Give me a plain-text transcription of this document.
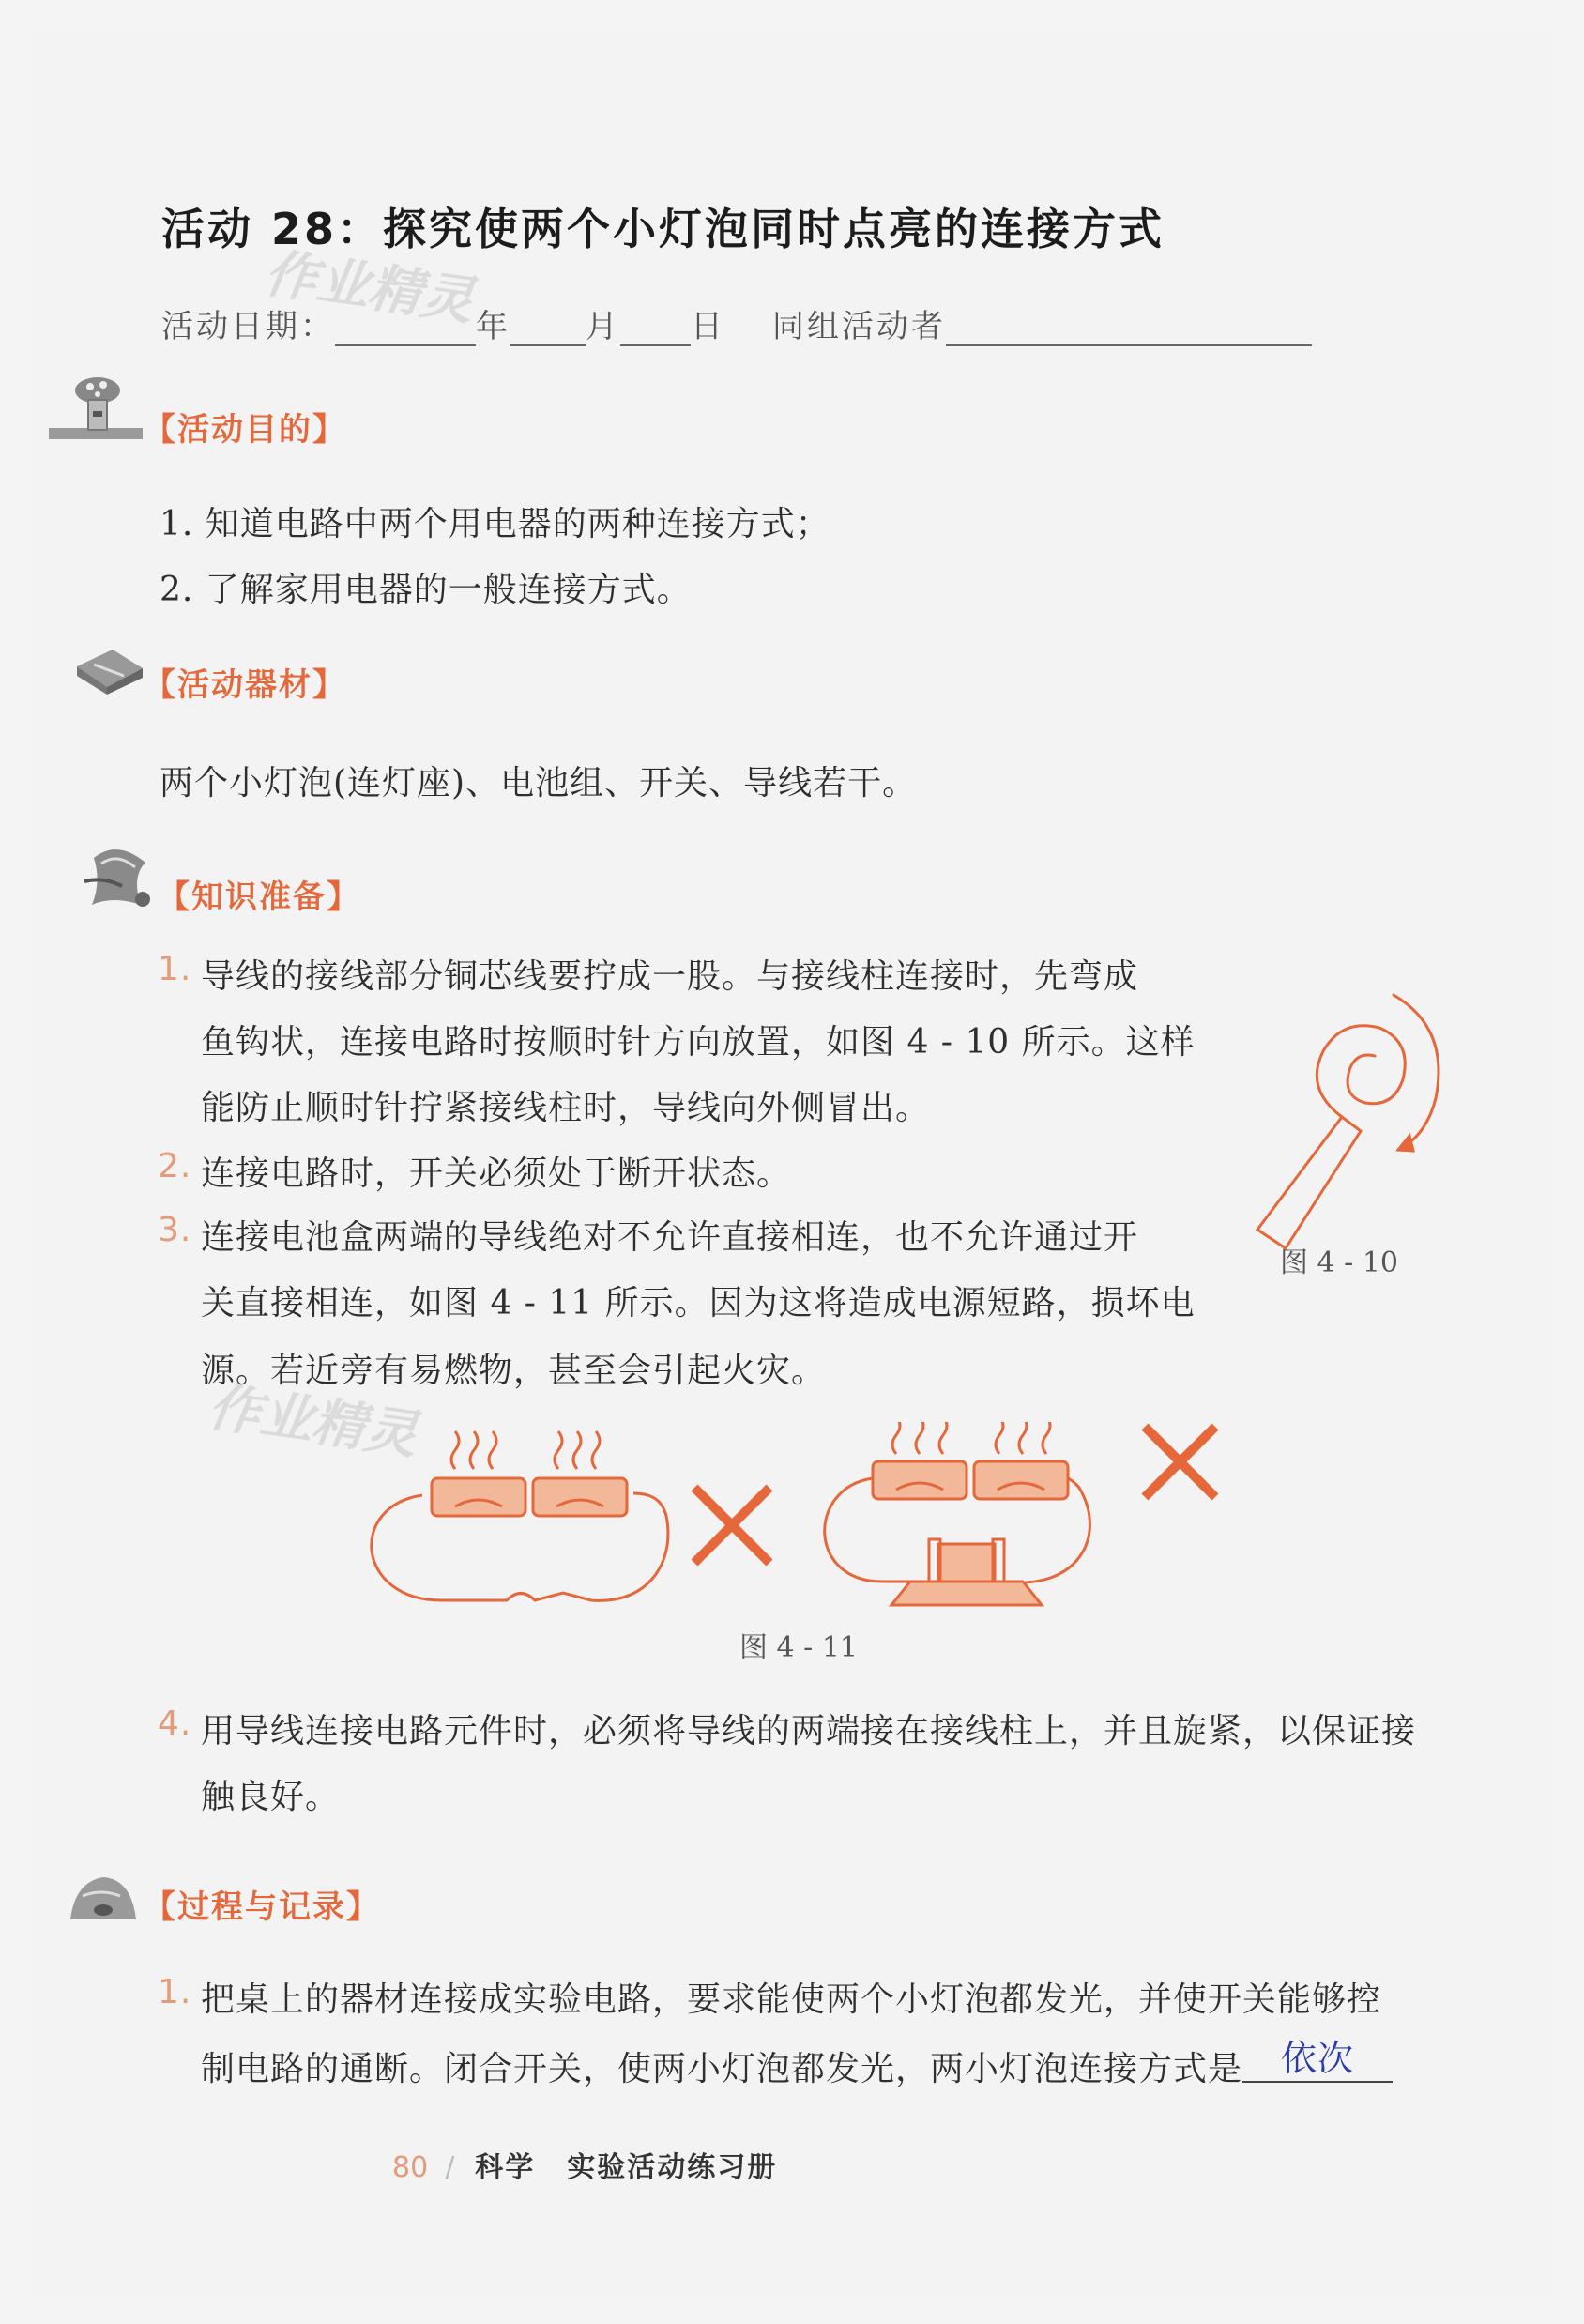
活动 28：探究使两个小灯泡同时点亮的连接方式
作业精灵
作业精灵
活动日期：	年 月 日 同组活动者
【活动目的】
1. 知道电路中两个用电器的两种连接方式；
2. 了解家用电器的一般连接方式。
【活动器材】
两个小灯泡(连灯座)、电池组、开关、导线若干。
【知识准备】
1. 导线的接线部分铜芯线要拧成一股。与接线柱连接时，先弯成
鱼钩状，连接电路时按顺时针方向放置，如图 4 - 10 所示。这样
能防止顺时针拧紧接线柱时，导线向外侧冒出。
2. 连接电路时，开关必须处于断开状态。
3. 连接电池盒两端的导线绝对不允许直接相连，也不允许通过开
关直接相连，如图 4 - 11 所示。因为这将造成电源短路，损坏电
源。若近旁有易燃物，甚至会引起火灾。
图 4 - 10
图 4 - 11
4. 用导线连接电路元件时，必须将导线的两端接在接线柱上，并且旋紧，以保证接
触良好。
【过程与记录】
1. 把桌上的器材连接成实验电路，要求能使两个小灯泡都发光，并使开关能够控
制电路的通断。闭合开关，使两小灯泡都发光，两小灯泡连接方式是 依次
80 / 科学 实验活动练习册
